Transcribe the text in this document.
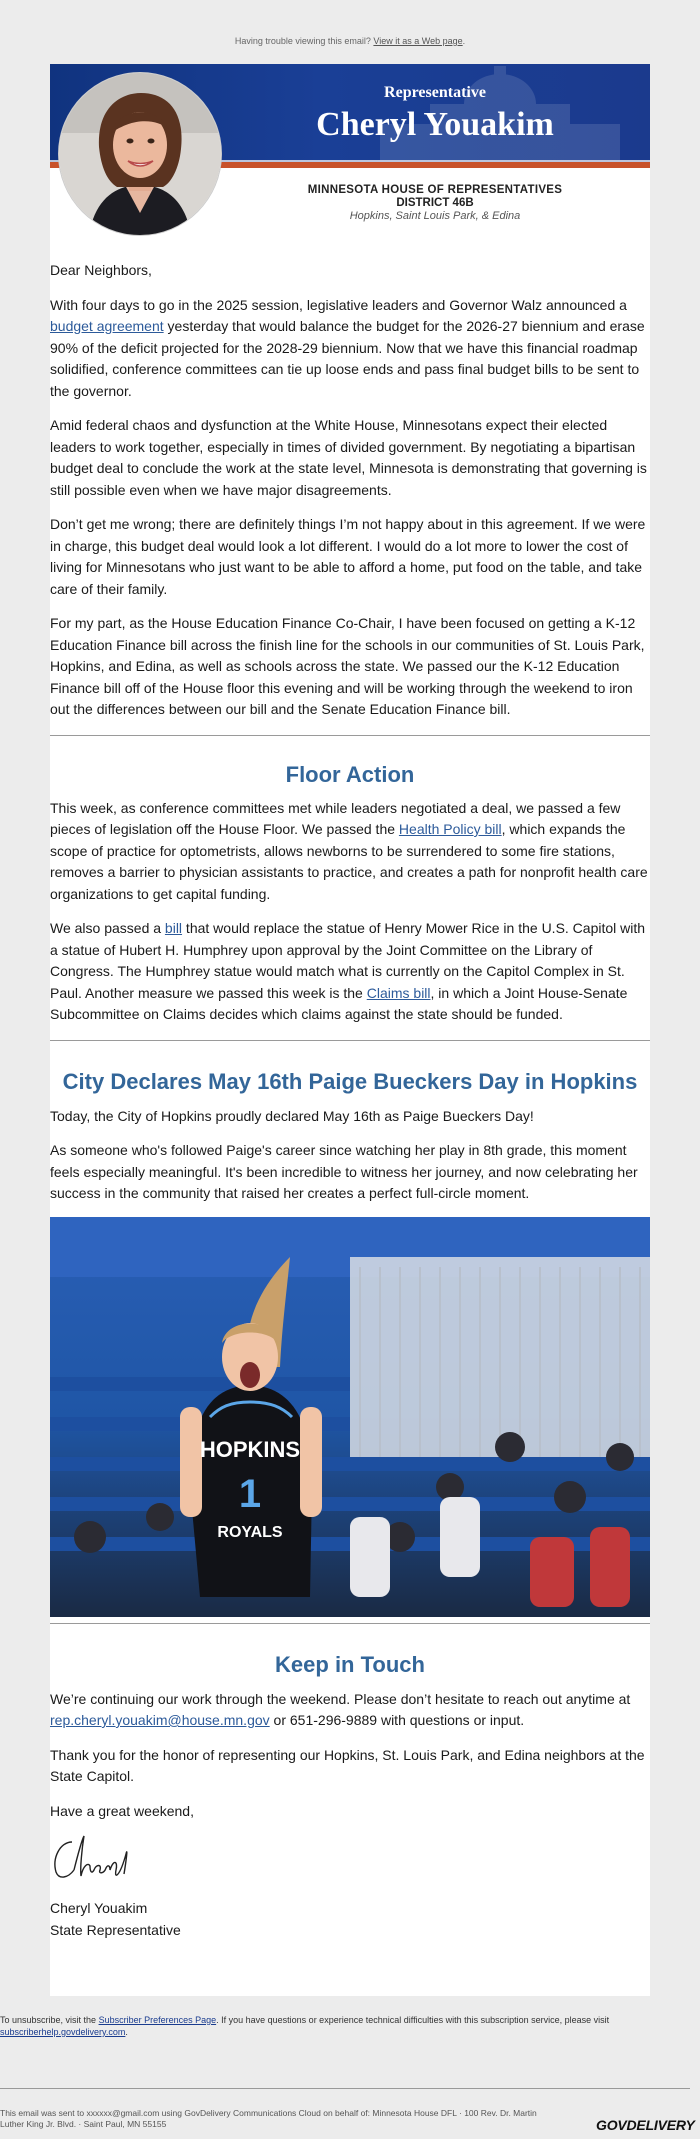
Having trouble viewing this email? View it as a Web page.
Representative
Cheryl Youakim
MINNESOTA HOUSE OF REPRESENTATIVES
DISTRICT 46B
Hopkins, Saint Louis Park, & Edina

Dear Neighbors,

With four days to go in the 2025 session, legislative leaders and Governor Walz announced a budget agreement yesterday that would balance the budget for the 2026-27 biennium and erase 90% of the deficit projected for the 2028-29 biennium. Now that we have this financial roadmap solidified, conference committees can tie up loose ends and pass final budget bills to be sent to the governor.

Amid federal chaos and dysfunction at the White House, Minnesotans expect their elected leaders to work together, especially in times of divided government. By negotiating a bipartisan budget deal to conclude the work at the state level, Minnesota is demonstrating that governing is still possible even when we have major disagreements.

Don’t get me wrong; there are definitely things I’m not happy about in this agreement. If we were in charge, this budget deal would look a lot different. I would do a lot more to lower the cost of living for Minnesotans who just want to be able to afford a home, put food on the table, and take care of their family.

For my part, as the House Education Finance Co-Chair, I have been focused on getting a K-12 Education Finance bill across the finish line for the schools in our communities of St. Louis Park, Hopkins, and Edina, as well as schools across the state. We passed our the K-12 Education Finance bill off of the House floor this evening and will be working through the weekend to iron out the differences between our bill and the Senate Education Finance bill.

Floor Action

This week, as conference committees met while leaders negotiated a deal, we passed a few pieces of legislation off the House Floor. We passed the Health Policy bill, which expands the scope of practice for optometrists, allows newborns to be surrendered to some fire stations, removes a barrier to physician assistants to practice, and creates a path for nonprofit health care organizations to get capital funding.

We also passed a bill that would replace the statue of Henry Mower Rice in the U.S. Capitol with a statue of Hubert H. Humphrey upon approval by the Joint Committee on the Library of Congress. The Humphrey statue would match what is currently on the Capitol Complex in St. Paul. Another measure we passed this week is the Claims bill, in which a Joint House-Senate Subcommittee on Claims decides which claims against the state should be funded.

City Declares May 16th Paige Bueckers Day in Hopkins

Today, the City of Hopkins proudly declared May 16th as Paige Bueckers Day!

As someone who's followed Paige's career since watching her play in 8th grade, this moment feels especially meaningful. It's been incredible to witness her journey, and now celebrating her success in the community that raised her creates a perfect full-circle moment.

HOPKINS
1
ROYALS
Keep in Touch

We’re continuing our work through the weekend. Please don’t hesitate to reach out anytime at rep.cheryl.youakim@house.mn.gov or 651-296-9889 with questions or input.

Thank you for the honor of representing our Hopkins, St. Louis Park, and Edina neighbors at the State Capitol.

Have a great weekend,

Cheryl Youakim

State Representative

To unsubscribe, visit the Subscriber Preferences Page. If you have questions or experience technical difficulties with this subscription service, please visit subscriberhelp.govdelivery.com.
This email was sent to xxxxxx@gmail.com using GovDelivery Communications Cloud on behalf of: Minnesota House DFL · 100 Rev. Dr. Martin Luther King Jr. Blvd. · Saint Paul, MN 55155	GOVDELIVERY
